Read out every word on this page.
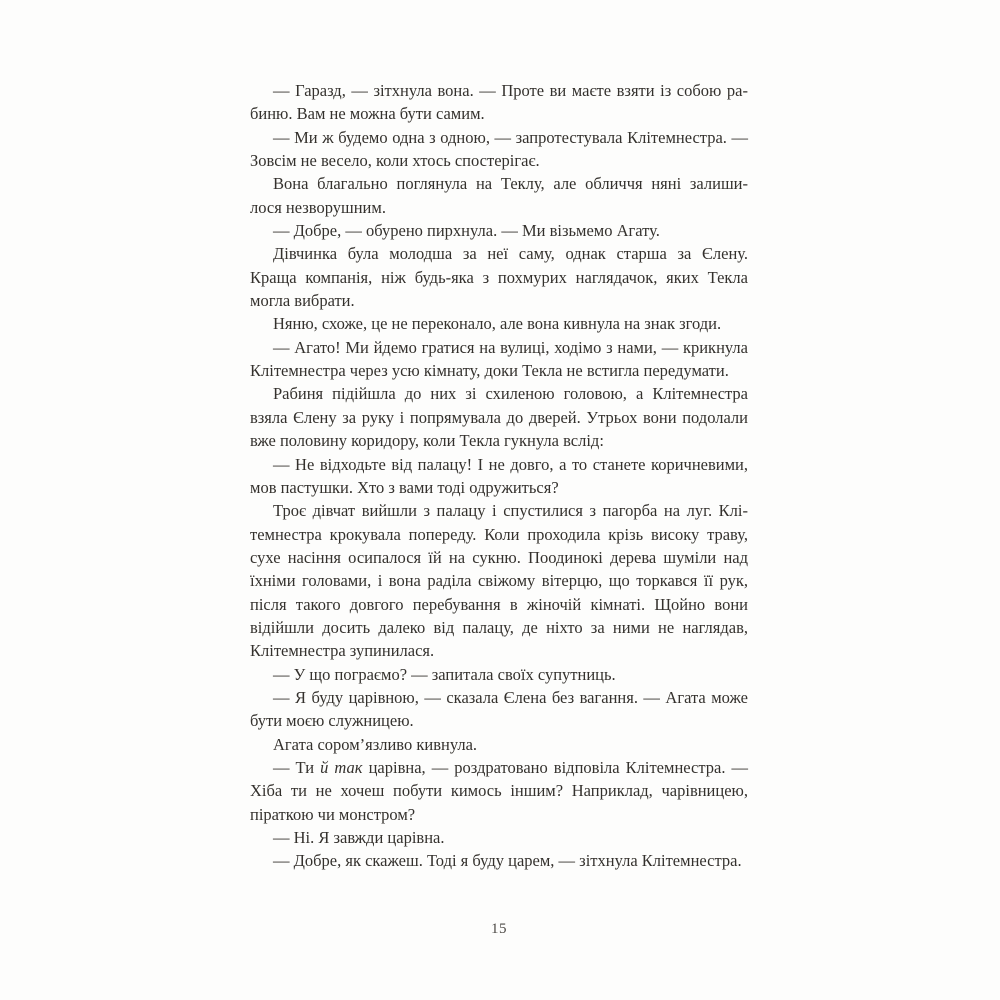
— Гаразд, — зітхнула вона. — Проте ви маєте взяти із собою ра-
биню. Вам не можна бути самим.
— Ми ж будемо одна з одною, — запротестувала Клітемнестра. —
Зовсім не весело, коли хтось спостерігає.
Вона благально поглянула на Теклу, але обличчя няні залиши-
лося незворушним.
— Добре, — обурено пирхнула. — Ми візьмемо Агату.
Дівчинка була молодша за неї саму, однак старша за Єлену.
Краща компанія, ніж будь-яка з похмурих наглядачок, яких Текла
могла вибрати.
Няню, схоже, це не переконало, але вона кивнула на знак згоди.
— Агато! Ми йдемо гратися на вулиці, ходімо з нами, — крикнула
Клітемнестра через усю кімнату, доки Текла не встигла передумати.
Рабиня підійшла до них зі схиленою головою, а Клітемнестра
взяла Єлену за руку і попрямувала до дверей. Утрьох вони подолали
вже половину коридору, коли Текла гукнула вслід:
— Не відходьте від палацу! І не довго, а то станете коричневими,
мов пастушки. Хто з вами тоді одружиться?
Троє дівчат вийшли з палацу і спустилися з пагорба на луг. Клі-
темнестра крокувала попереду. Коли проходила крізь високу траву,
сухе насіння осипалося їй на сукню. Поодинокі дерева шуміли над
їхніми головами, і вона раділа свіжому вітерцю, що торкався її рук,
після такого довгого перебування в жіночій кімнаті. Щойно вони
відійшли досить далеко від палацу, де ніхто за ними не наглядав,
Клітемнестра зупинилася.
— У що пограємо? — запитала своїх супутниць.
— Я буду царівною, — сказала Єлена без вагання. — Агата може
бути моєю служницею.
Агата сором’язливо кивнула.
— Ти й так царівна, — роздратовано відповіла Клітемнестра. —
Хіба ти не хочеш побути кимось іншим? Наприклад, чарівницею,
піраткою чи монстром?
— Ні. Я завжди царівна.
— Добре, як скажеш. Тоді я буду царем, — зітхнула Клітемнестра.
15
